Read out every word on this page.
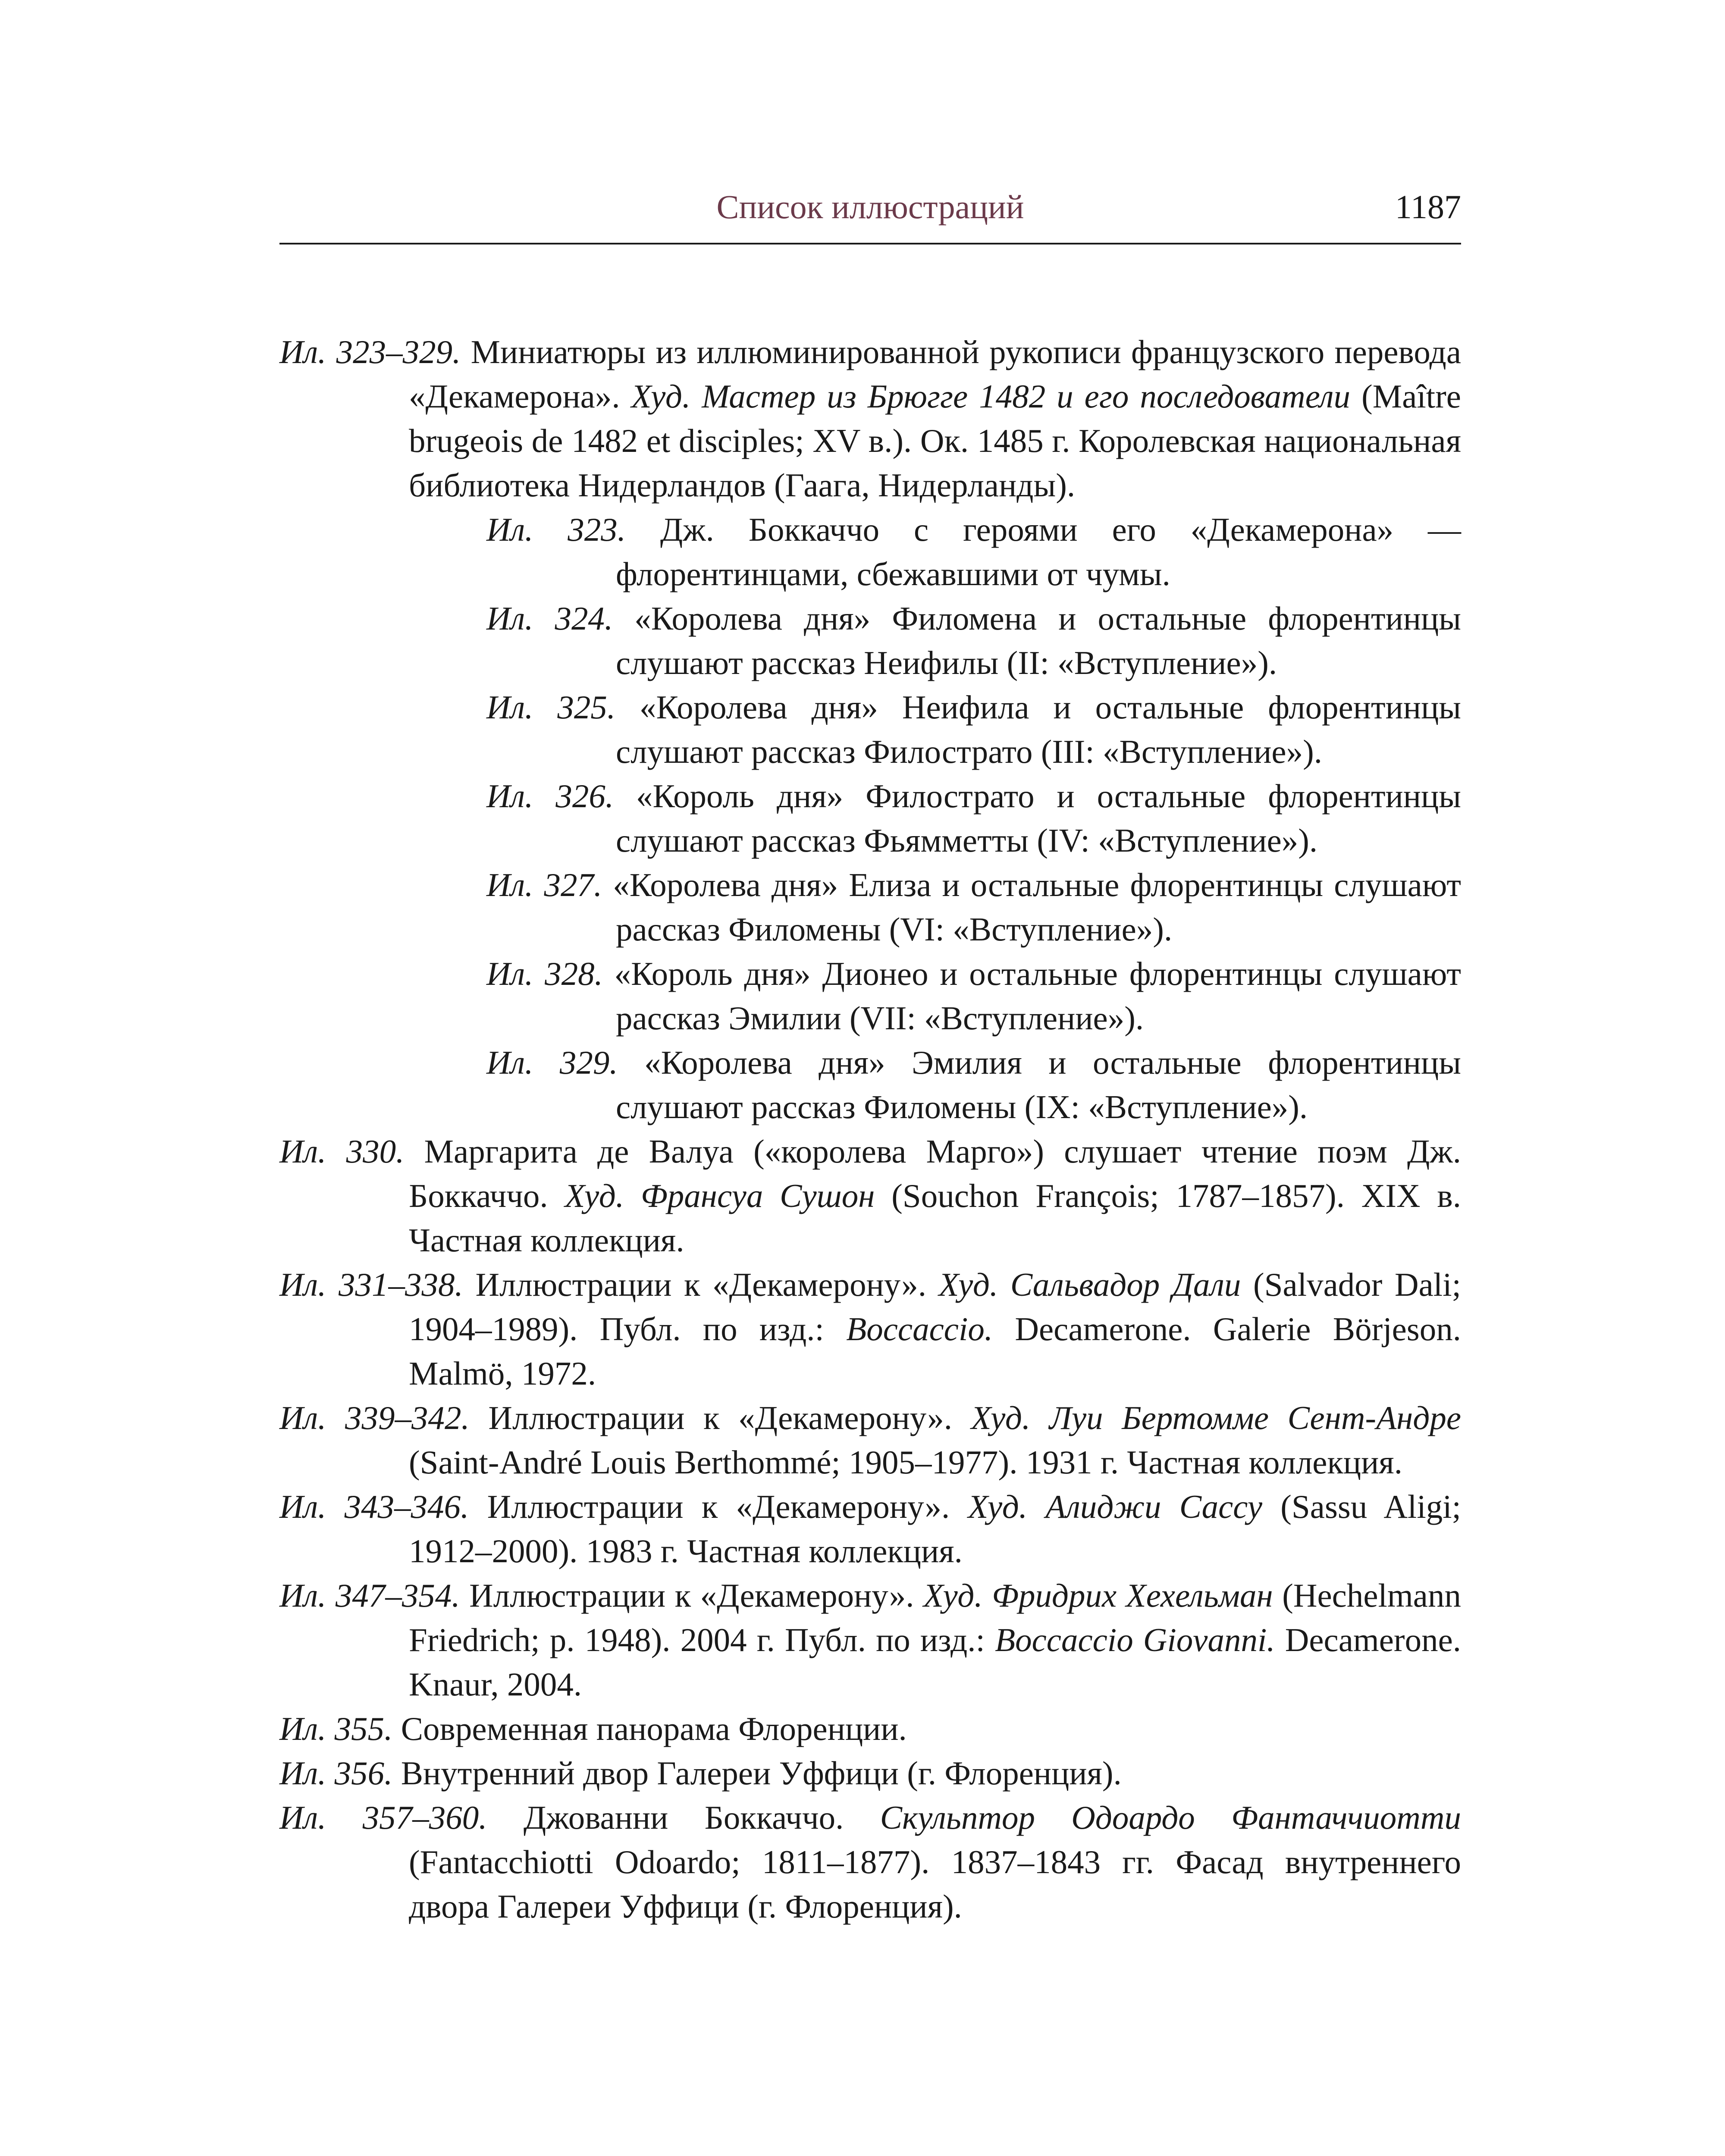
Список иллюстраций	1187

Ил. 323–329. Миниатюры из иллюминированной рукописи французского перевода «Декамерона». Худ. Мастер из Брюгге 1482 и его последователи (Maître brugeois de 1482 et disciples; XV в.). Ок. 1485 г. Королевская национальная библиотека Нидерландов (Гаага, Нидерланды).

Ил. 323. Дж. Боккаччо с героями его «Декамерона» — флорентинцами, сбежавшими от чумы.

Ил. 324. «Королева дня» Филомена и остальные флорентинцы слушают рассказ Неифилы (II: «Вступление»).

Ил. 325. «Королева дня» Неифила и остальные флорентинцы слушают рассказ Филострато (III: «Вступление»).

Ил. 326. «Король дня» Филострато и остальные флорентинцы слушают рассказ Фьямметты (IV: «Вступление»).

Ил. 327. «Королева дня» Елиза и остальные флорентинцы слушают рассказ Филомены (VI: «Вступление»).

Ил. 328. «Король дня» Дионео и остальные флорентинцы слушают рассказ Эмилии (VII: «Вступление»).

Ил. 329. «Королева дня» Эмилия и остальные флорентинцы слушают рассказ Филомены (IX: «Вступление»).

Ил. 330. Маргарита де Валуа («королева Марго») слушает чтение поэм Дж. Боккаччо. Худ. Франсуа Сушон (Souchon François; 1787–1857). XIX в. Частная коллекция.

Ил. 331–338. Иллюстрации к «Декамерону». Худ. Сальвадор Дали (Salvador Dali; 1904–1989). Публ. по изд.: Boccaccio. Decamerone. Galerie Börjeson. Malmö, 1972.

Ил. 339–342. Иллюстрации к «Декамерону». Худ. Луи Бертомме Сент-Андре (Saint-André Louis Berthommé; 1905–1977). 1931 г. Частная коллекция.

Ил. 343–346. Иллюстрации к «Декамерону». Худ. Алиджи Сассу (Sassu Aligi; 1912–2000). 1983 г. Частная коллекция.

Ил. 347–354. Иллюстрации к «Декамерону». Худ. Фридрих Хехельман (Hechelmann Friedrich; р. 1948). 2004 г. Публ. по изд.: Boccaccio Giovanni. Decamerone. Knaur, 2004.

Ил. 355. Современная панорама Флоренции.

Ил. 356. Внутренний двор Галереи Уффици (г. Флоренция).

Ил. 357–360. Джованни Боккаччо. Скульптор Одоардо Фантаччиотти (Fantacchiotti Odoardo; 1811–1877). 1837–1843 гг. Фасад внутреннего двора Галереи Уффици (г. Флоренция).
